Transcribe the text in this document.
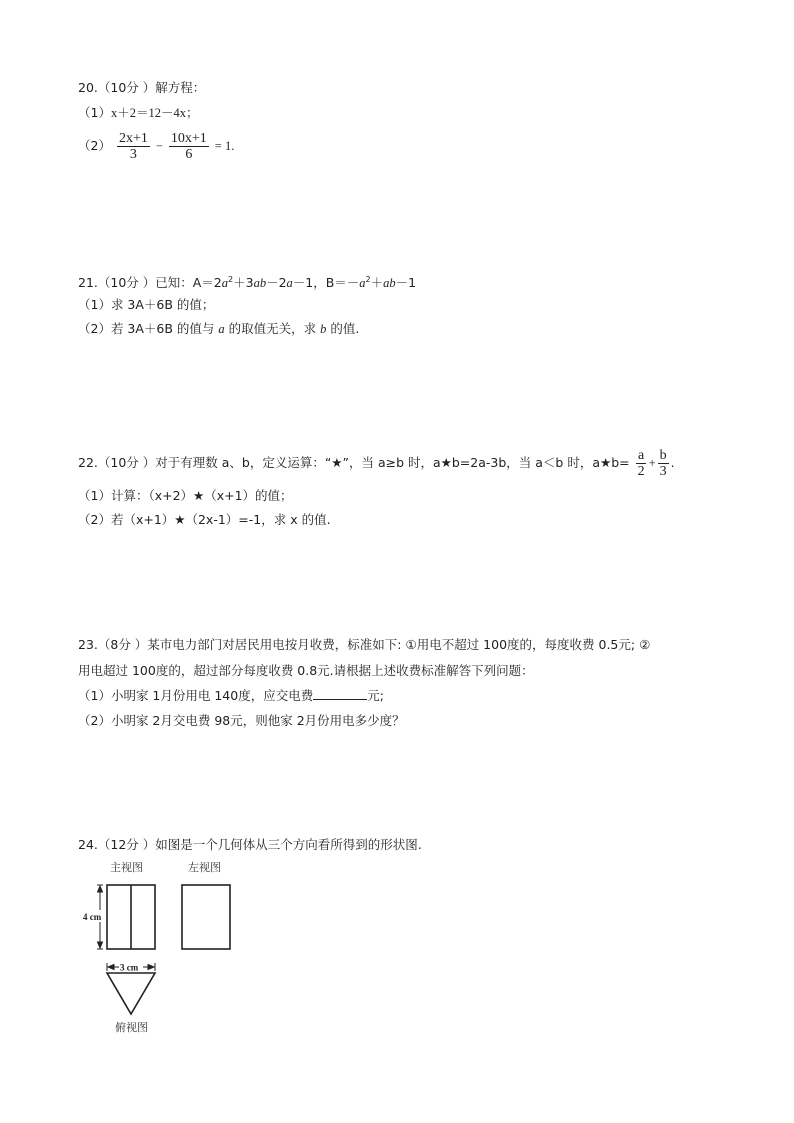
20.（10分 ）解方程：
（1）x＋2＝12－4x；
$(2) \frac{2x+1}{3} - \frac{10x+1}{6} = 1$.
21.（10分 ）已知：$A=2a^2+3ab-2a-1$，$B=-a^2+ab-1$
（1）求 3A＋6B 的值；
（2）若 3A＋6B 的值与 a 的取值无关，求 b 的值.
22.（10分 ）对于有理数 a、b，定义运算：“★”，当 a≥b 时，a★b=2a-3b，当 a＜b 时，a★b= $\frac{a}{2} + \frac{b}{3}$ .
（1）计算：（x+2）★（x+1）的值；
（2）若（x+1）★（2x-1）=-1，求 x 的值.
23.（8分 ）某市电力部门对居民用电按月收费，标准如下: ①用电不超过 100度的，每度收费 0.5元; ②
用电超过 100度的，超过部分每度收费 0.8元.请根据上述收费标准解答下列问题：
（1）小明家 1月份用电 140度，应交电费	元;
（2）小明家 2月交电费 98元，则他家 2月份用电多少度？
24.（12分 ）如图是一个几何体从三个方向看所得到的形状图.
主视图	左视图
4 cm
3 cm
俯视图
